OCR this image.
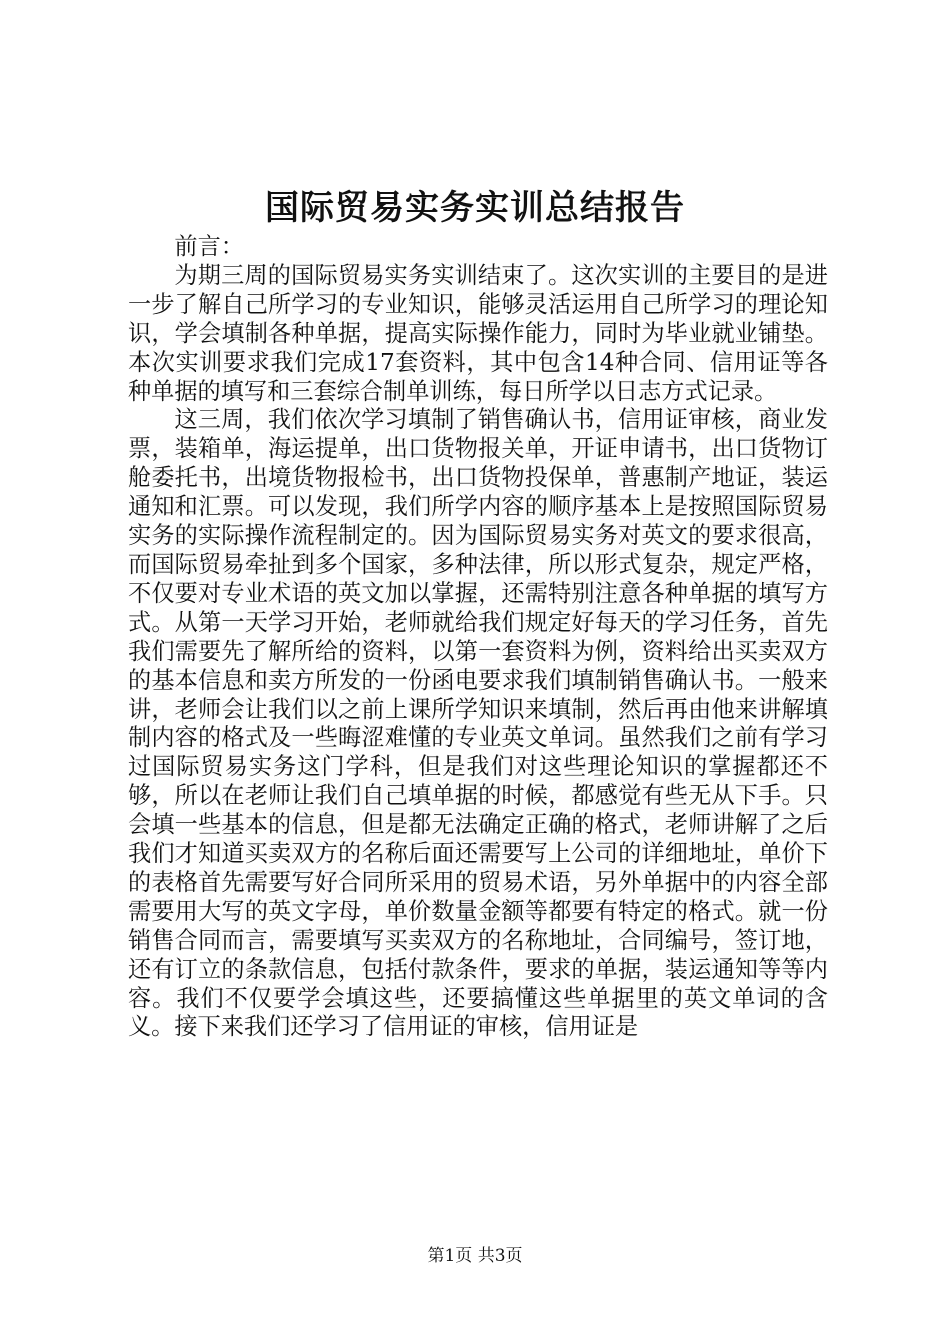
国际贸易实务实训总结报告

前言：

为期三周的国际贸易实务实训结束了。这次实训的主要目的是进一步了解自己所学习的专业知识，能够灵活运用自己所学习的理论知识，学会填制各种单据，提高实际操作能力，同时为毕业就业铺垫。本次实训要求我们完成17套资料，其中包含14种合同、信用证等各种单据的填写和三套综合制单训练，每日所学以日志方式记录。

这三周，我们依次学习填制了销售确认书，信用证审核，商业发票，装箱单，海运提单，出口货物报关单，开证申请书，出口货物订舱委托书，出境货物报检书，出口货物投保单，普惠制产地证，装运通知和汇票。可以发现，我们所学内容的顺序基本上是按照国际贸易实务的实际操作流程制定的。因为国际贸易实务对英文的要求很高，而国际贸易牵扯到多个国家，多种法律，所以形式复杂，规定严格，不仅要对专业术语的英文加以掌握，还需特别注意各种单据的填写方式。从第一天学习开始，老师就给我们规定好每天的学习任务，首先我们需要先了解所给的资料，以第一套资料为例，资料给出买卖双方的基本信息和卖方所发的一份函电要求我们填制销售确认书。一般来讲，老师会让我们以之前上课所学知识来填制，然后再由他来讲解填制内容的格式及一些晦涩难懂的专业英文单词。虽然我们之前有学习过国际贸易实务这门学科，但是我们对这些理论知识的掌握都还不够，所以在老师让我们自己填单据的时候，都感觉有些无从下手。只会填一些基本的信息，但是都无法确定正确的格式，老师讲解了之后我们才知道买卖双方的名称后面还需要写上公司的详细地址，单价下的表格首先需要写好合同所采用的贸易术语，另外单据中的内容全部需要用大写的英文字母，单价数量金额等都要有特定的格式。就一份销售合同而言，需要填写买卖双方的名称地址，合同编号，签订地，还有订立的条款信息，包括付款条件，要求的单据，装运通知等等内容。我们不仅要学会填这些，还要搞懂这些单据里的英文单词的含义。接下来我们还学习了信用证的审核，信用证是

第1页 共3页
